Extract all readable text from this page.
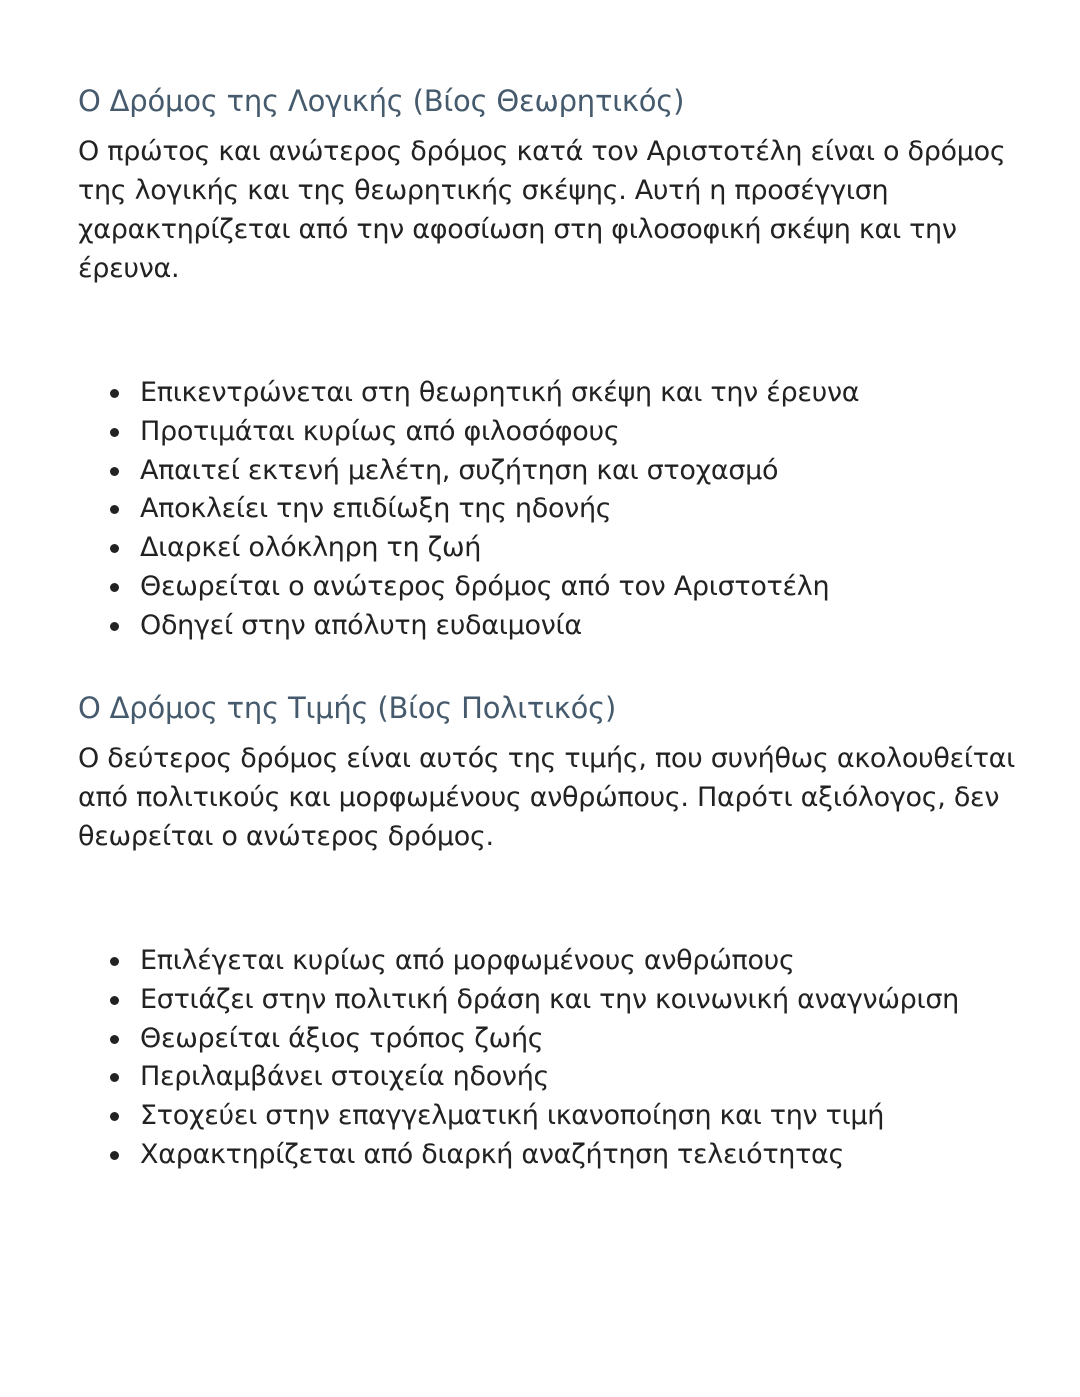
Ο Δρόμος της Λογικής (Βίος Θεωρητικός)

Ο πρώτος και ανώτερος δρόμος κατά τον Αριστοτέλη είναι ο δρόμος της λογικής και της θεωρητικής σκέψης. Αυτή η προσέγγιση χαρακτηρίζεται από την αφοσίωση στη φιλοσοφική σκέψη και την έρευνα.

Επικεντρώνεται στη θεωρητική σκέψη και την έρευνα
Προτιμάται κυρίως από φιλοσόφους
Απαιτεί εκτενή μελέτη, συζήτηση και στοχασμό
Αποκλείει την επιδίωξη της ηδονής
Διαρκεί ολόκληρη τη ζωή
Θεωρείται ο ανώτερος δρόμος από τον Αριστοτέλη
Οδηγεί στην απόλυτη ευδαιμονία
Ο Δρόμος της Τιμής (Βίος Πολιτικός)

Ο δεύτερος δρόμος είναι αυτός της τιμής, που συνήθως ακολουθείται από πολιτικούς και μορφωμένους ανθρώπους. Παρότι αξιόλογος, δεν θεωρείται ο ανώτερος δρόμος.

Επιλέγεται κυρίως από μορφωμένους ανθρώπους
Εστιάζει στην πολιτική δράση και την κοινωνική αναγνώριση
Θεωρείται άξιος τρόπος ζωής
Περιλαμβάνει στοιχεία ηδονής
Στοχεύει στην επαγγελματική ικανοποίηση και την τιμή
Χαρακτηρίζεται από διαρκή αναζήτηση τελειότητας
